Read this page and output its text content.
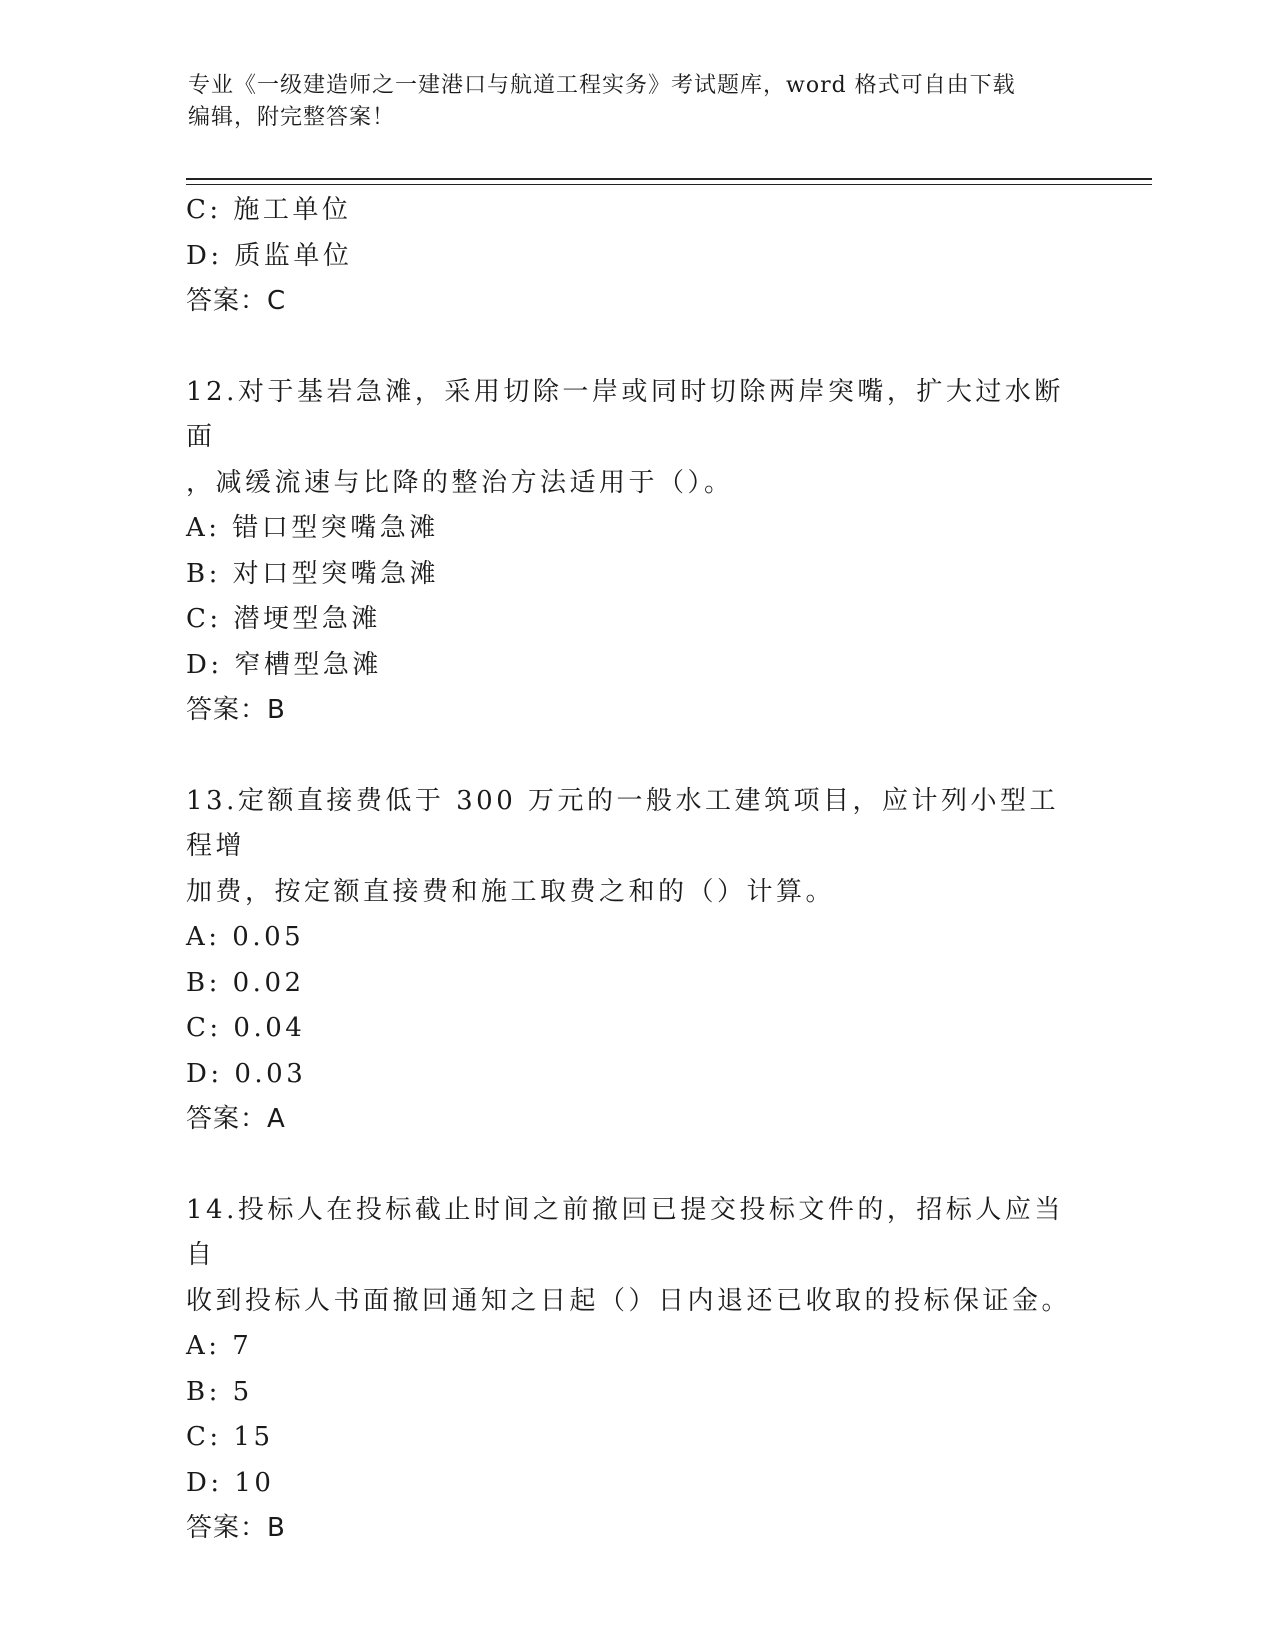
专业《一级建造师之一建港口与航道工程实务》考试题库，word 格式可自由下载
编辑，附完整答案！
C: 施工单位
D: 质监单位
答案：C
12.对于基岩急滩，采用切除一岸或同时切除两岸突嘴，扩大过水断面
，减缓流速与比降的整治方法适用于（）。
A: 错口型突嘴急滩
B: 对口型突嘴急滩
C: 潜埂型急滩
D: 窄槽型急滩
答案：B
13.定额直接费低于 300 万元的一般水工建筑项目，应计列小型工程增
加费，按定额直接费和施工取费之和的（）计算。
A: 0.05
B: 0.02
C: 0.04
D: 0.03
答案：A
14.投标人在投标截止时间之前撤回已提交投标文件的，招标人应当自
收到投标人书面撤回通知之日起（）日内退还已收取的投标保证金。
A: 7
B: 5
C: 15
D: 10
答案：B
